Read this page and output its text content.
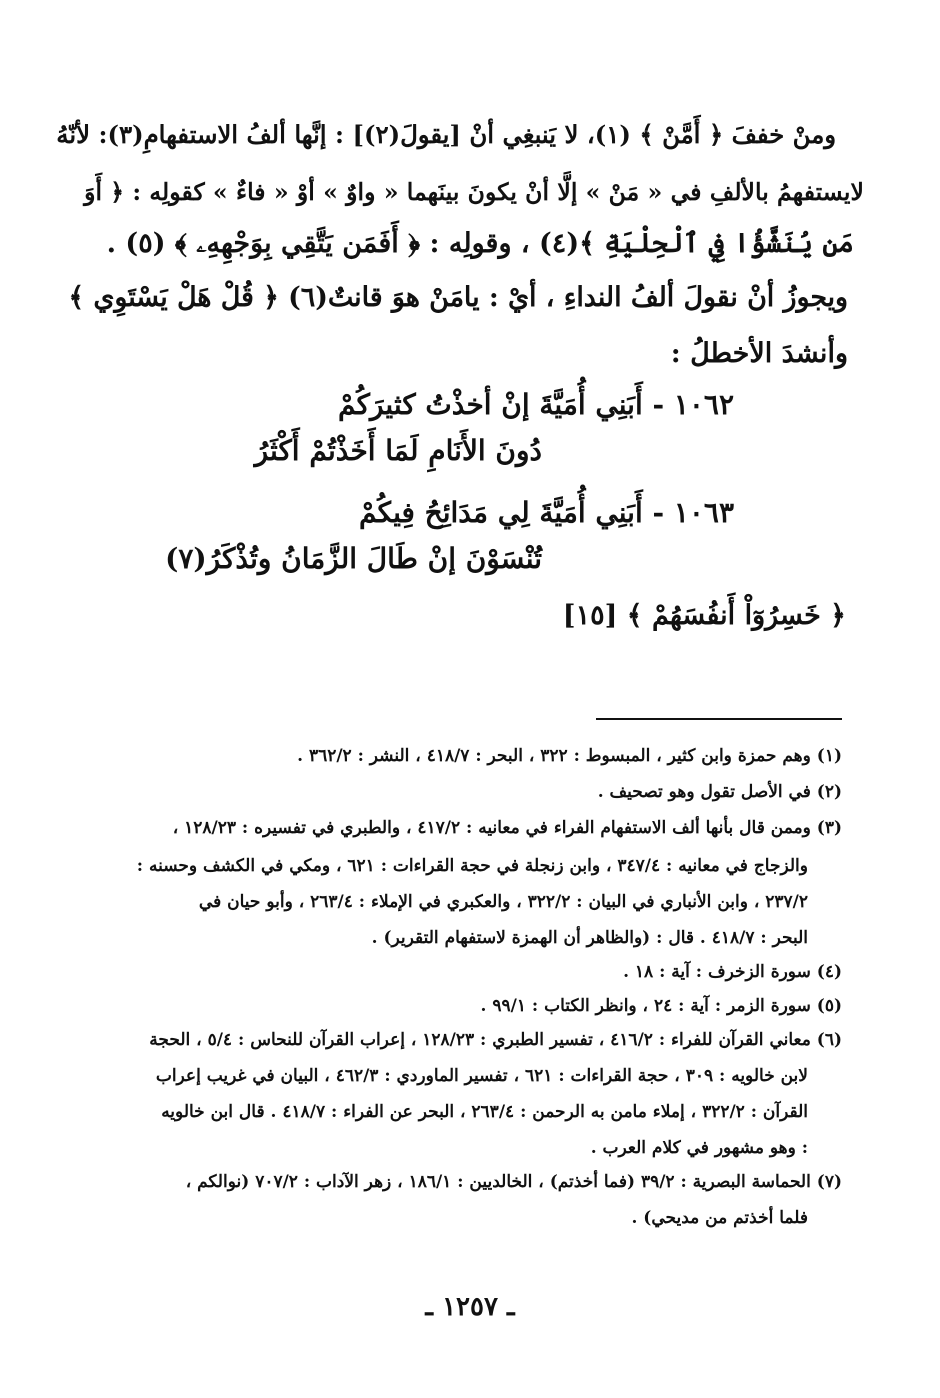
ومنْ خففَ ﴿ أَمَّنْ ﴾ (١)، لا يَنبغِي أنْ [يقولَ(٢)] : إنَّها ألفُ الاستفهامِ(٣): لأنّهُ
لايستفهمُ بالألفِ في « مَنْ » إلَّا أنْ يكونَ بينَهما « واوٌ » أوْ « فاءٌ » كقولِه : ﴿ أَوَ
مَن يُنَشَّؤُا فِي ٱلْحِلْيَةِ ﴾(٤) ، وقولِه : ﴿ أَفَمَن يَتَّقِي بِوَجْهِهِۦ ﴾ (٥) .
ويجوزُ أنْ نقولَ ألفُ النداءِ ، أيْ : يامَنْ هوَ قانتٌ(٦) ﴿ قُلْ هَلْ يَسْتَوِي ﴾
وأنشدَ الأخطلُ :
١٠٦٢ - أَبَنِي أُمَيَّةَ إنْ أخذْتُ كثيرَكُمْ
دُونَ الأَنَامِ لَمَا أَخَذْتُمْ أَكْثَرُ
١٠٦٣ - أَبَنِي أُمَيَّةَ لِي مَدَائِحُ فِيكُمْ
تُنْسَوْنَ إنْ طَالَ الزَّمَانُ وتُذْكَرُ(٧)
﴿ خَسِرُوٓاْ أَنفُسَهُمْ ﴾ [١٥]
(١) وهم حمزة وابن كثير ، المبسوط : ٣٢٢ ، البحر : ٤١٨/٧ ، النشر : ٣٦٢/٢ .
(٢) في الأصل تقول وهو تصحيف .
(٣) وممن قال بأنها ألف الاستفهام الفراء في معانيه : ٤١٧/٢ ، والطبري في تفسيره : ١٢٨/٢٣ ،
والزجاج في معانيه : ٣٤٧/٤ ، وابن زنجلة في حجة القراءات : ٦٢١ ، ومكي في الكشف وحسنه :
٢٣٧/٢ ، وابن الأنباري في البيان : ٣٢٢/٢ ، والعكبري في الإملاء : ٢٦٣/٤ ، وأبو حيان في
البحر : ٤١٨/٧ . قال : (والظاهر أن الهمزة لاستفهام التقرير) .
(٤) سورة الزخرف : آية : ١٨ .
(٥) سورة الزمر : آية : ٢٤ ، وانظر الكتاب : ٩٩/١ .
(٦) معاني القرآن للفراء : ٤١٦/٢ ، تفسير الطبري : ١٢٨/٢٣ ، إعراب القرآن للنحاس : ٥/٤ ، الحجة
لابن خالويه : ٣٠٩ ، حجة القراءات : ٦٢١ ، تفسير الماوردي : ٤٦٢/٣ ، البيان في غريب إعراب
القرآن : ٣٢٢/٢ ، إملاء مامن به الرحمن : ٢٦٣/٤ ، البحر عن الفراء : ٤١٨/٧ . قال ابن خالويه
: وهو مشهور في كلام العرب .
(٧) الحماسة البصرية : ٣٩/٢ (فما أخذتم) ، الخالديين : ١٨٦/١ ، زهر الآداب : ٧٠٧/٢ (نوالكم ،
فلما أخذتم من مديحي) .
ـ ١٢٥٧ ـ
